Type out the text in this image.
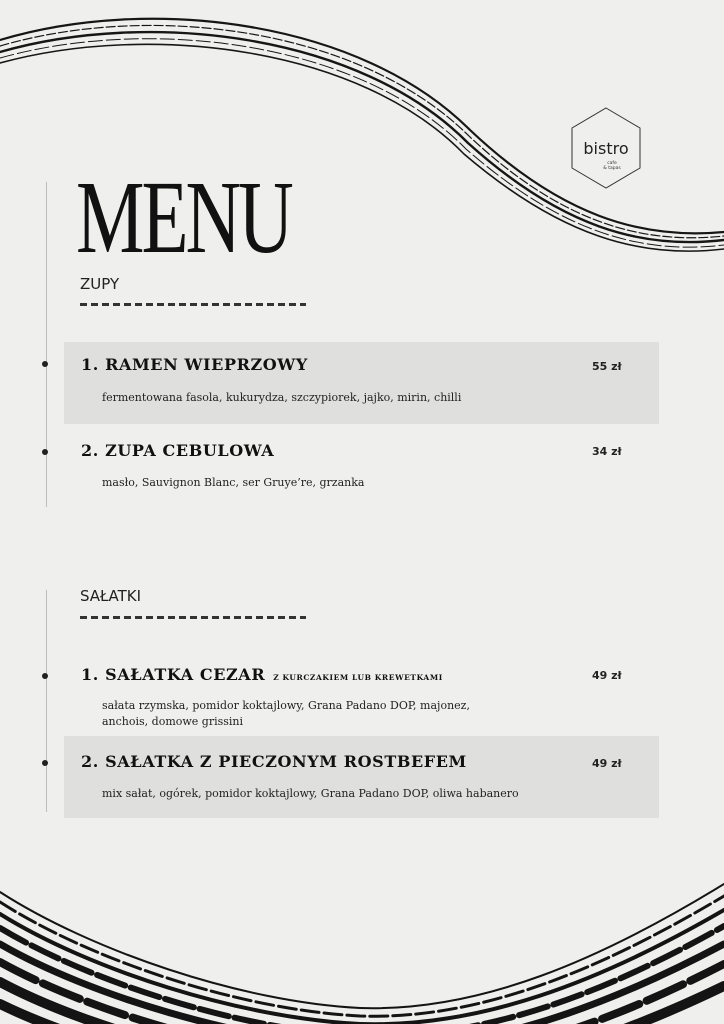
bistro
cafe
& tapas
MENU
ZUPY
1. RAMEN WIEPRZOWY	55 zł
fermentowana fasola, kukurydza, szczypiorek, jajko, mirin, chilli
2. ZUPA CEBULOWA	34 zł
masło, Sauvignon Blanc, ser Gruye’re, grzanka
SAŁATKI
1. SAŁATKA CEZAR Z KURCZAKIEM LUB KREWETKAMI	49 zł
sałata rzymska, pomidor koktajlowy, Grana Padano DOP, majonez,
anchois, domowe grissini
2. SAŁATKA Z PIECZONYM ROSTBEFEM	49 zł
mix sałat, ogórek, pomidor koktajlowy, Grana Padano DOP, oliwa habanero
